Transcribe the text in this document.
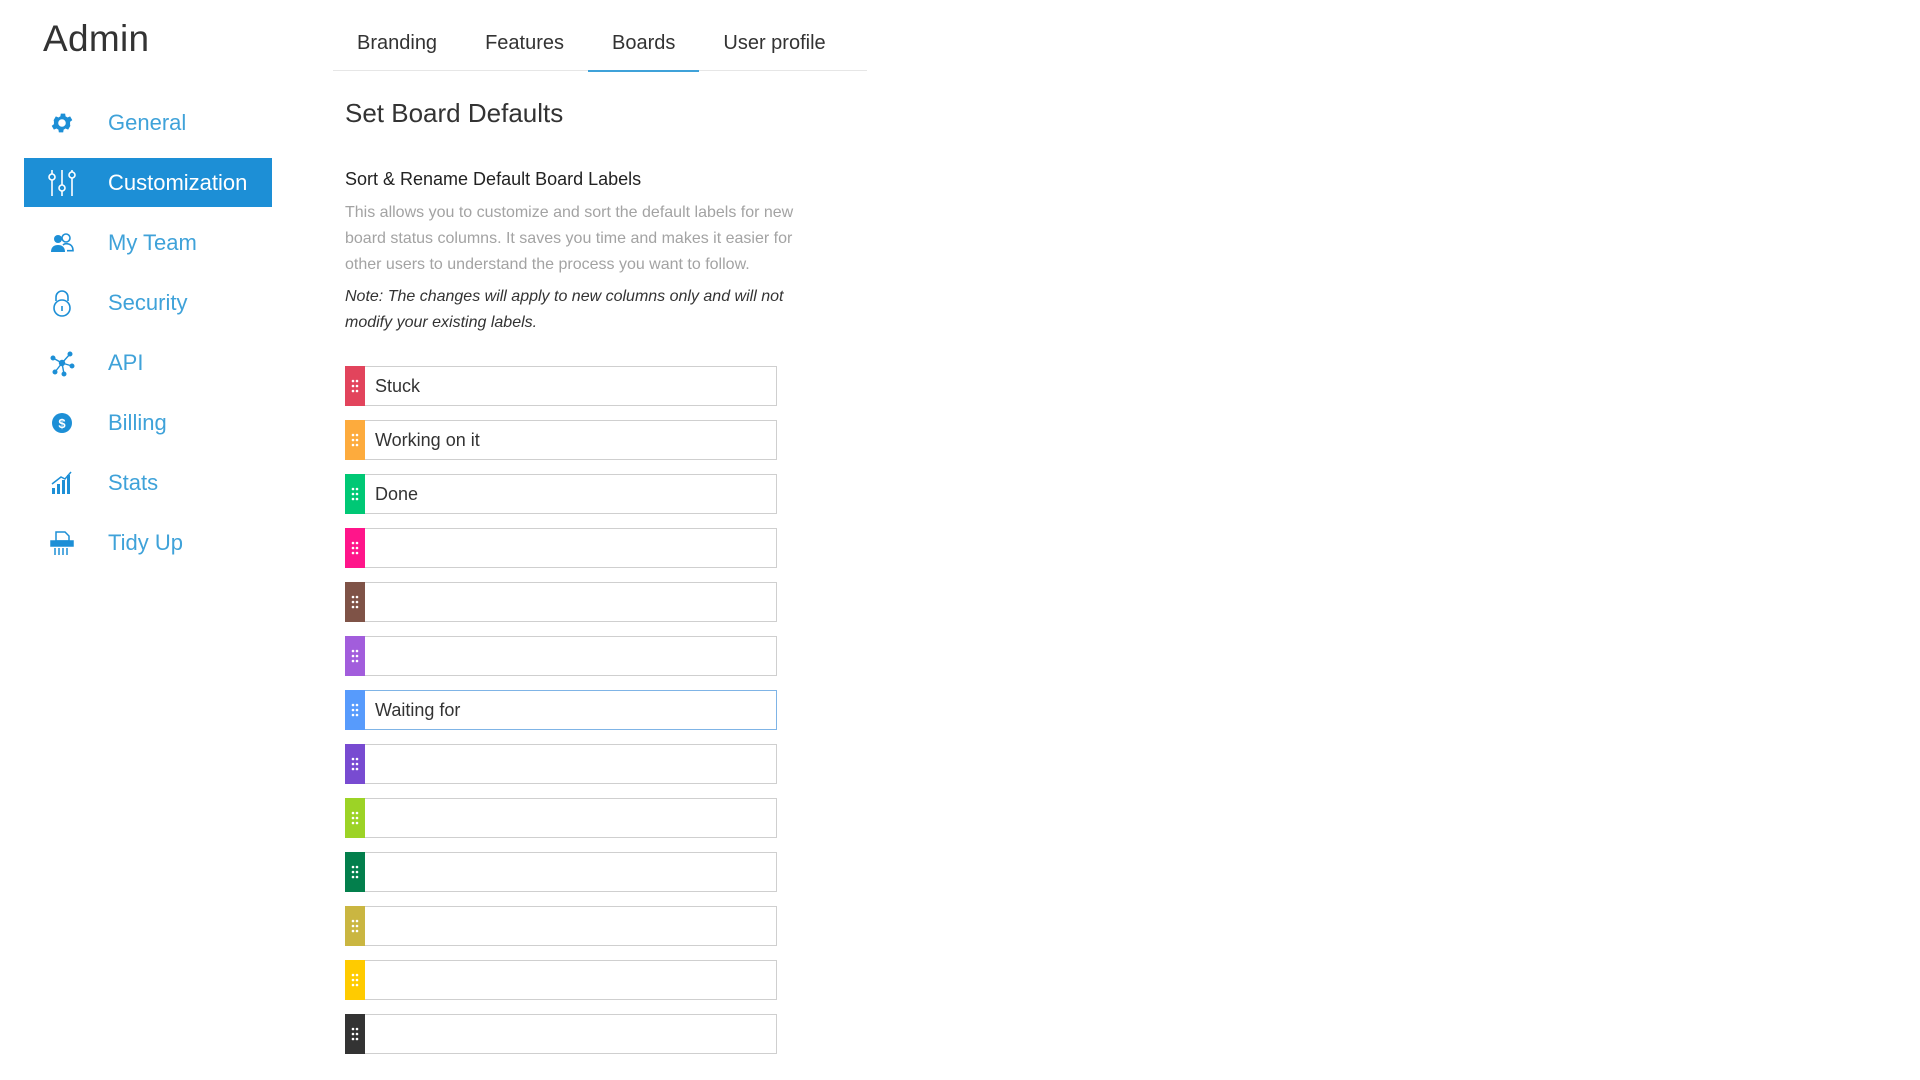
Admin
General
Customization
My Team
Security
API
$ Billing
Stats
Tidy Up
Branding	Features	Boards	User profile
Set Board Defaults
Sort & Rename Default Board Labels

This allows you to customize and sort the default labels for new board status columns. It saves you time and makes it easier for other users to understand the process you want to follow.

Note: The changes will apply to new columns only and will not modify your existing labels.

Stuck
Working on it
Done
Waiting for
